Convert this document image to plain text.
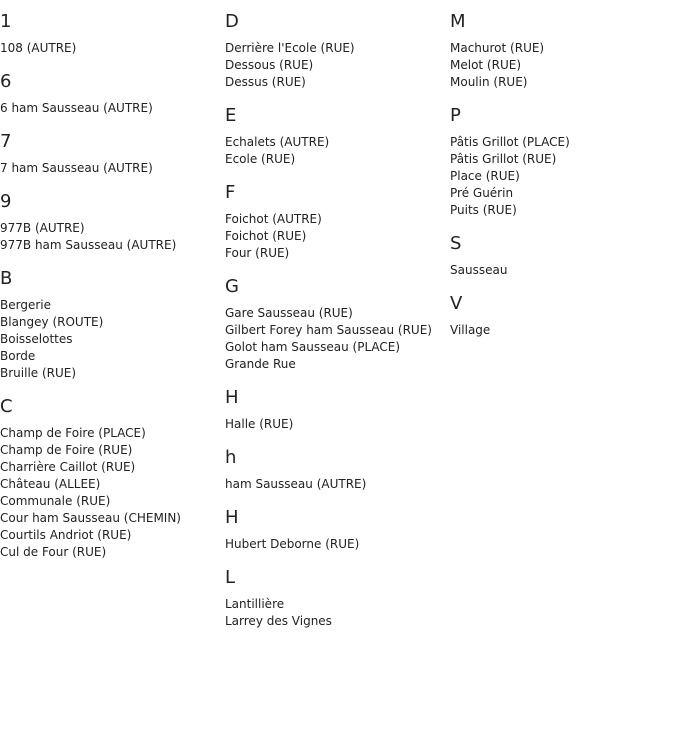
1
108 (AUTRE)
6
6 ham Sausseau (AUTRE)
7
7 ham Sausseau (AUTRE)
9
977B (AUTRE)
977B ham Sausseau (AUTRE)
B
Bergerie
Blangey (ROUTE)
Boisselottes
Borde
Bruille (RUE)
C
Champ de Foire (PLACE)
Champ de Foire (RUE)
Charrière Caillot (RUE)
Château (ALLEE)
Communale (RUE)
Cour ham Sausseau (CHEMIN)
Courtils Andriot (RUE)
Cul de Four (RUE)
D
Derrière l'Ecole (RUE)
Dessous (RUE)
Dessus (RUE)
E
Echalets (AUTRE)
Ecole (RUE)
F
Foichot (AUTRE)
Foichot (RUE)
Four (RUE)
G
Gare Sausseau (RUE)
Gilbert Forey ham Sausseau (RUE)
Golot ham Sausseau (PLACE)
Grande Rue
H
Halle (RUE)
h
ham Sausseau (AUTRE)
H
Hubert Deborne (RUE)
L
Lantillière
Larrey des Vignes
M
Machurot (RUE)
Melot (RUE)
Moulin (RUE)
P
Pâtis Grillot (PLACE)
Pâtis Grillot (RUE)
Place (RUE)
Pré Guérin
Puits (RUE)
S
Sausseau
V
Village
